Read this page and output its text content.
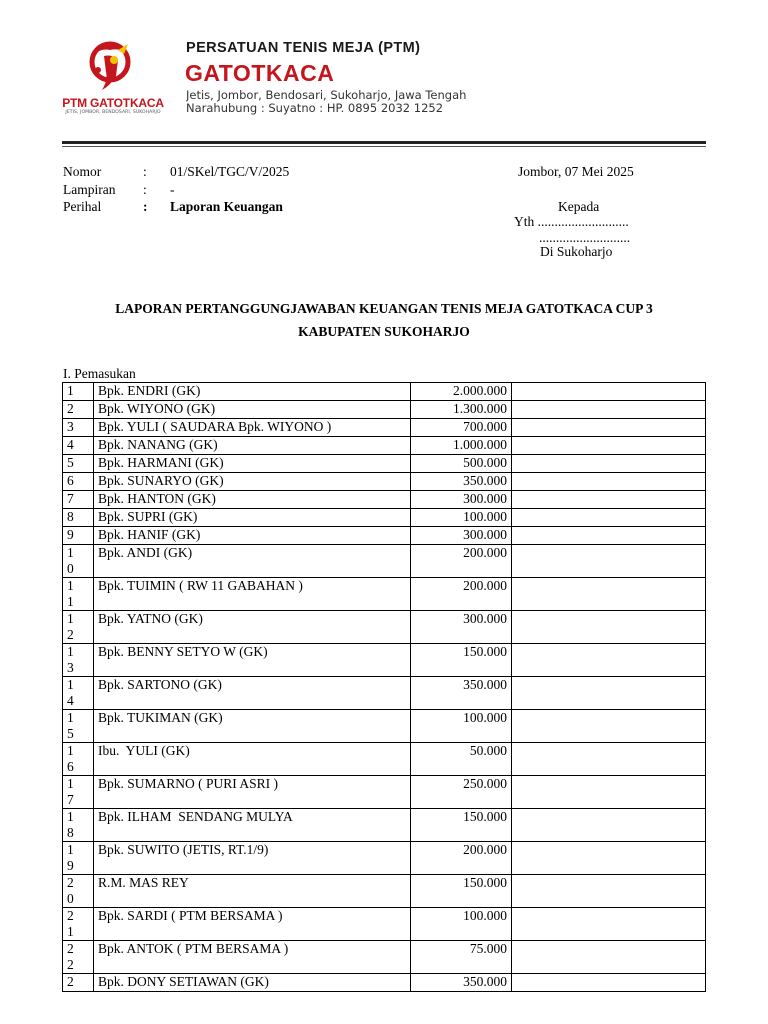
PTM GATOTKACA
JETIS, JOMBOR, BENDOSARI, SUKOHARJO
PERSATUAN TENIS MEJA (PTM)
GATOTKACA
Jetis, Jombor, Bendosari, Sukoharjo, Jawa Tengah
Narahubung : Suyatno : HP. 0895 2032 1252
Nomor	: 01/SKel/TGC/V/2025
Lampiran	: -
Perihal	: Laporan Keuangan
Jombor, 07 Mei 2025
Kepada
Yth ...........................
...........................
Di Sukoharjo
LAPORAN PERTANGGUNGJAWABAN KEUANGAN TENIS MEJA GATOTKACA CUP 3
KABUPATEN SUKOHARJO
I. Pemasukan
1	Bpk. ENDRI (GK)	2.000.000	

2	Bpk. WIYONO (GK)	1.300.000	

3	Bpk. YULI ( SAUDARA Bpk. WIYONO )	700.000	

4	Bpk. NANANG (GK)	1.000.000	

5	Bpk. HARMANI (GK)	500.000	

6	Bpk. SUNARYO (GK)	350.000	

7	Bpk. HANTON (GK)	300.000	

8	Bpk. SUPRI (GK)	100.000	

9	Bpk. HANIF (GK)	300.000	

10	Bpk. ANDI (GK)	200.000	

11	Bpk. TUIMIN ( RW 11 GABAHAN )	200.000	

12	Bpk. YATNO (GK)	300.000	

13	Bpk. BENNY SETYO W (GK)	150.000	

14	Bpk. SARTONO (GK)	350.000	

15	Bpk. TUKIMAN (GK)	100.000	

16	Ibu.  YULI (GK)	50.000	

17	Bpk. SUMARNO ( PURI ASRI )	250.000	

18	Bpk. ILHAM  SENDANG MULYA	150.000	

19	Bpk. SUWITO (JETIS, RT.1/9)	200.000	

20	R.M. MAS REY	150.000	

21	Bpk. SARDI ( PTM BERSAMA )	100.000	

22	Bpk. ANTOK ( PTM BERSAMA )	75.000	

2	Bpk. DONY SETIAWAN (GK)	350.000	
